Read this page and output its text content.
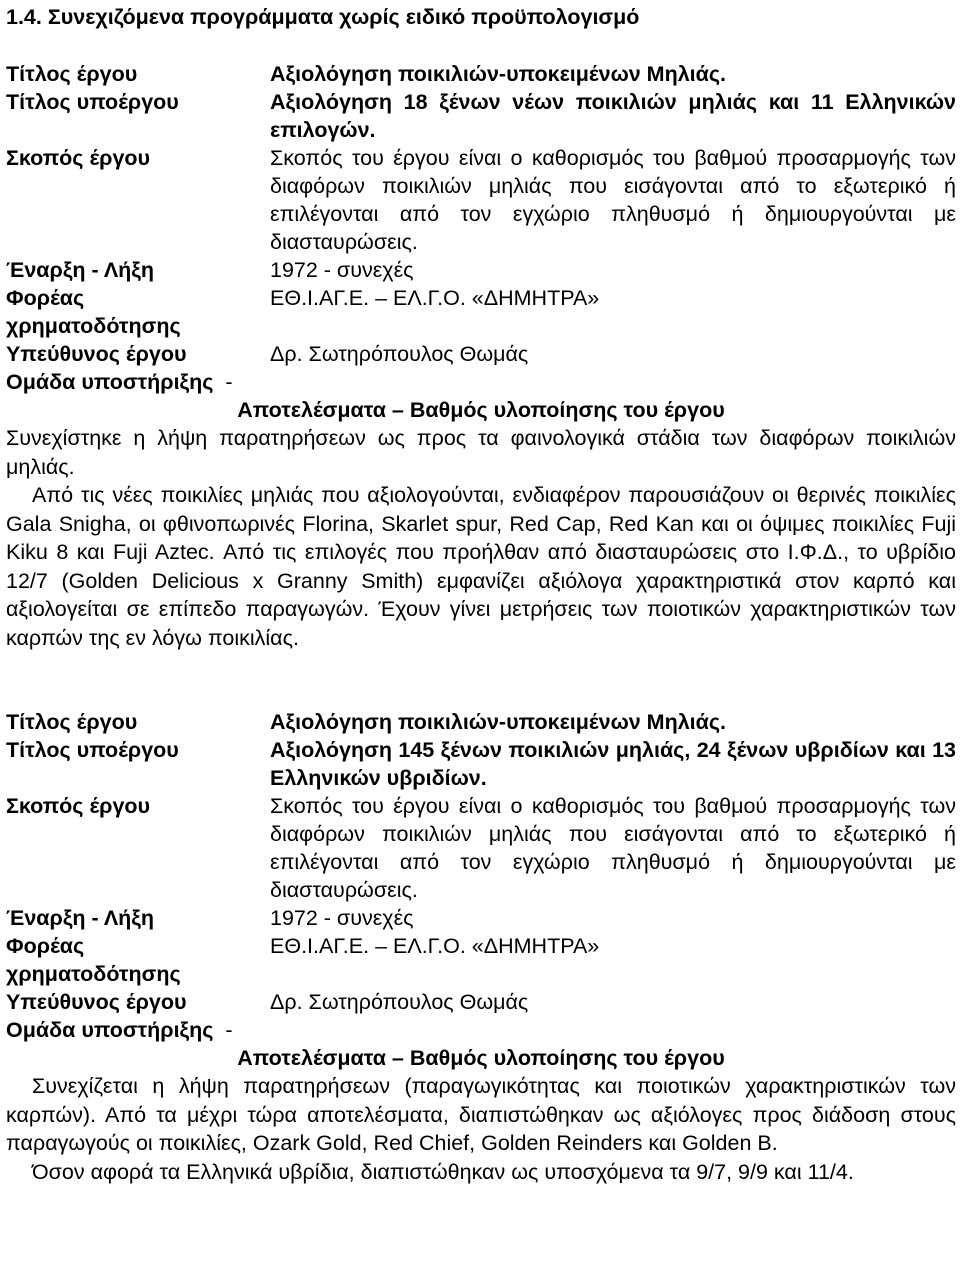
1.4. Συνεχιζόμενα προγράμματα χωρίς ειδικό προϋπολογισμό
Τίτλος έργου	Αξιολόγηση ποικιλιών-υποκειμένων Μηλιάς.
Τίτλος υποέργου	Αξιολόγηση 18 ξένων νέων ποικιλιών μηλιάς και 11 Ελληνικών επιλογών.
Σκοπός έργου	Σκοπός του έργου είναι ο καθορισμός του βαθμού προσαρμογής των διαφόρων ποικιλιών μηλιάς που εισάγονται από το εξωτερικό ή επιλέγονται από τον εγχώριο πληθυσμό ή δημιουργούνται με διασταυρώσεις.
Έναρξη - Λήξη	1972 - συνεχές
Φορέας
χρηματοδότησης	ΕΘ.Ι.ΑΓ.Ε. – ΕΛ.Γ.Ο. «ΔΗΜΗΤΡΑ»
Υπεύθυνος έργου	Δρ. Σωτηρόπουλος Θωμάς
Ομάδα υποστήριξης -	
Αποτελέσματα – Βαθμός υλοποίησης του έργου

Συνεχίστηκε η λήψη παρατηρήσεων ως προς τα φαινολογικά στάδια των διαφόρων ποικιλιών μηλιάς.

Από τις νέες ποικιλίες μηλιάς που αξιολογούνται, ενδιαφέρον παρουσιάζουν οι θερινές ποικιλίες Gala Snigha, οι φθινοπωρινές Florina, Skarlet spur, Red Cap, Red Kan και οι όψιμες ποικιλίες Fuji Kiku 8 και Fuji Aztec. Από τις επιλογές που προήλθαν από διασταυρώσεις στο Ι.Φ.Δ., το υβρίδιο 12/7 (Golden Delicious x Granny Smith) εμφανίζει αξιόλογα χαρακτηριστικά στον καρπό και αξιολογείται σε επίπεδο παραγωγών. Έχουν γίνει μετρήσεις των ποιοτικών χαρακτηριστικών των καρπών της εν λόγω ποικιλίας.

Τίτλος έργου	Αξιολόγηση ποικιλιών-υποκειμένων Μηλιάς.
Τίτλος υποέργου	Αξιολόγηση 145 ξένων ποικιλιών μηλιάς, 24 ξένων υβριδίων και 13 Ελληνικών υβριδίων.
Σκοπός έργου	Σκοπός του έργου είναι ο καθορισμός του βαθμού προσαρμογής των διαφόρων ποικιλιών μηλιάς που εισάγονται από το εξωτερικό ή επιλέγονται από τον εγχώριο πληθυσμό ή δημιουργούνται με διασταυρώσεις.
Έναρξη - Λήξη	1972 - συνεχές
Φορέας
χρηματοδότησης	ΕΘ.Ι.ΑΓ.Ε. – ΕΛ.Γ.Ο. «ΔΗΜΗΤΡΑ»
Υπεύθυνος έργου	Δρ. Σωτηρόπουλος Θωμάς
Ομάδα υποστήριξης -	
Αποτελέσματα – Βαθμός υλοποίησης του έργου

Συνεχίζεται η λήψη παρατηρήσεων (παραγωγικότητας και ποιοτικών χαρακτηριστικών των καρπών). Από τα μέχρι τώρα αποτελέσματα, διαπιστώθηκαν ως αξιόλογες προς διάδοση στους παραγωγούς οι ποικιλίες, Ozark Gold, Red Chief, Golden Reinders και Golden B.

Όσον αφορά τα Ελληνικά υβρίδια, διαπιστώθηκαν ως υποσχόμενα τα 9/7, 9/9 και 11/4.
